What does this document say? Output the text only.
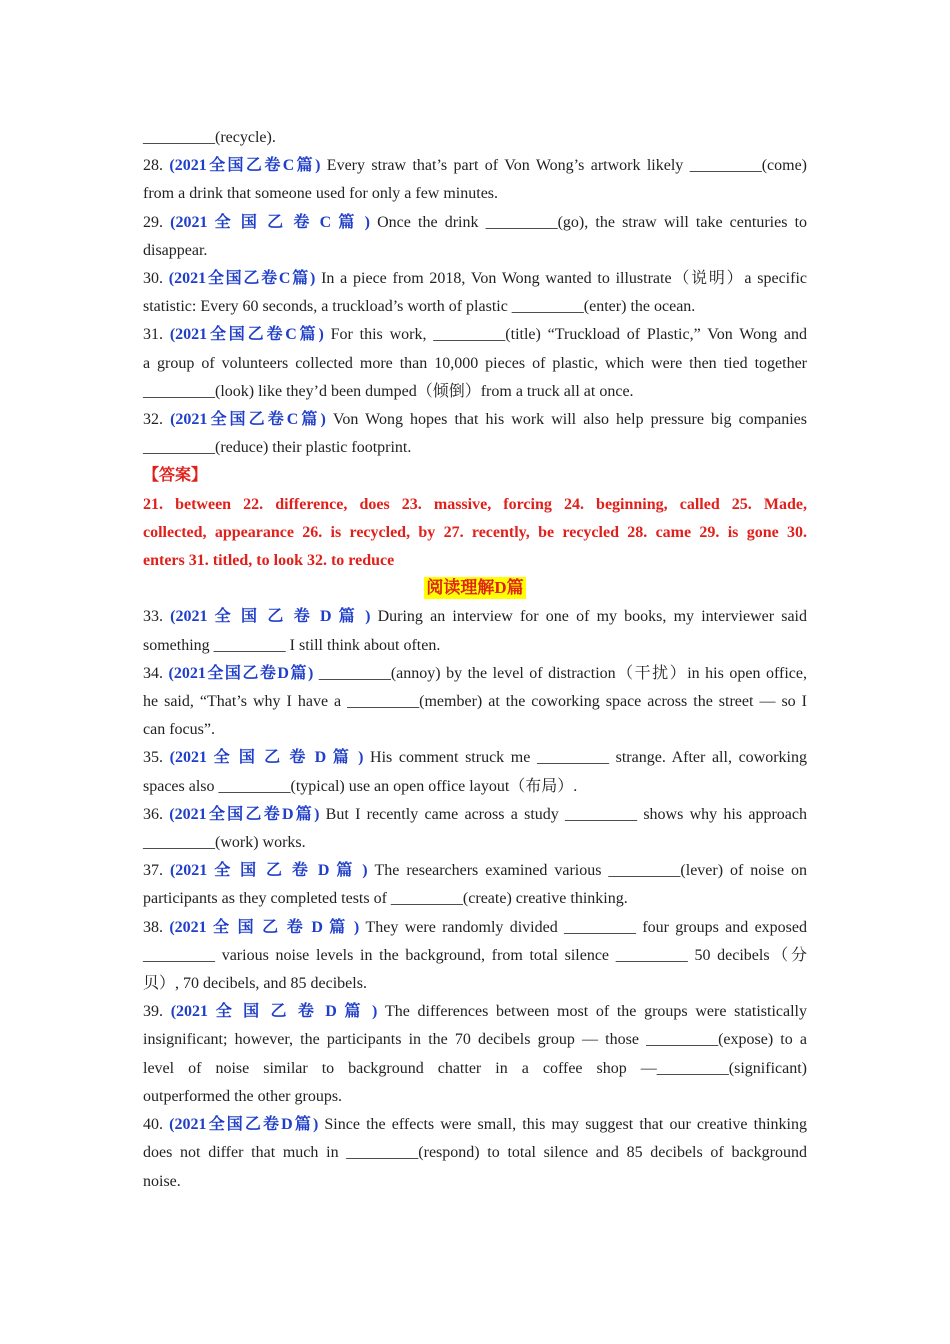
_________(recycle).
28. (2021全国乙卷C篇) Every straw that’s part of Von Wong’s artwork likely _________(come)
from a drink that someone used for only a few minutes.
29. (2021 全 国 乙 卷 C 篇 ) Once the drink _________(go), the straw will take centuries to
disappear.
30. (2021全国乙卷C篇) In a piece from 2018, Von Wong wanted to illustrate（说明）a specific
statistic: Every 60 seconds, a truckload’s worth of plastic _________(enter) the ocean.
31. (2021全国乙卷C篇) For this work, _________(title) “Truckload of Plastic,” Von Wong and
a group of volunteers collected more than 10,000 pieces of plastic, which were then tied together
_________(look) like they’d been dumped（倾倒）from a truck all at once.
32. (2021全国乙卷C篇) Von Wong hopes that his work will also help pressure big companies
_________(reduce) their plastic footprint.
【答案】
21. between 22. difference, does 23. massive, forcing 24. beginning, called 25. Made,
collected, appearance 26. is recycled, by 27. recently, be recycled 28. came 29. is gone 30.
enters 31. titled, to look 32. to reduce
阅读理解D篇
33. (2021 全 国 乙 卷 D 篇 ) During an interview for one of my books, my interviewer said
something _________ I still think about often.
34. (2021全国乙卷D篇) _________(annoy) by the level of distraction（干扰）in his open office,
he said, “That’s why I have a _________(member) at the coworking space across the street — so I
can focus”.
35. (2021 全 国 乙 卷 D 篇 ) His comment struck me _________ strange. After all, coworking
spaces also _________(typical) use an open office layout（布局）.
36. (2021全国乙卷D篇) But I recently came across a study _________ shows why his approach
_________(work) works.
37. (2021 全 国 乙 卷 D 篇 ) The researchers examined various _________(lever) of noise on
participants as they completed tests of _________(create) creative thinking.
38. (2021 全 国 乙 卷 D 篇 ) They were randomly divided _________ four groups and exposed
_________ various noise levels in the background, from total silence _________ 50 decibels（分
贝）, 70 decibels, and 85 decibels.
39. (2021 全 国 乙 卷 D 篇 ) The differences between most of the groups were statistically
insignificant; however, the participants in the 70 decibels group — those _________(expose) to a
level of noise similar to background chatter in a coffee shop —_________(significant)
outperformed the other groups.
40. (2021全国乙卷D篇) Since the effects were small, this may suggest that our creative thinking
does not differ that much in _________(respond) to total silence and 85 decibels of background
noise.
